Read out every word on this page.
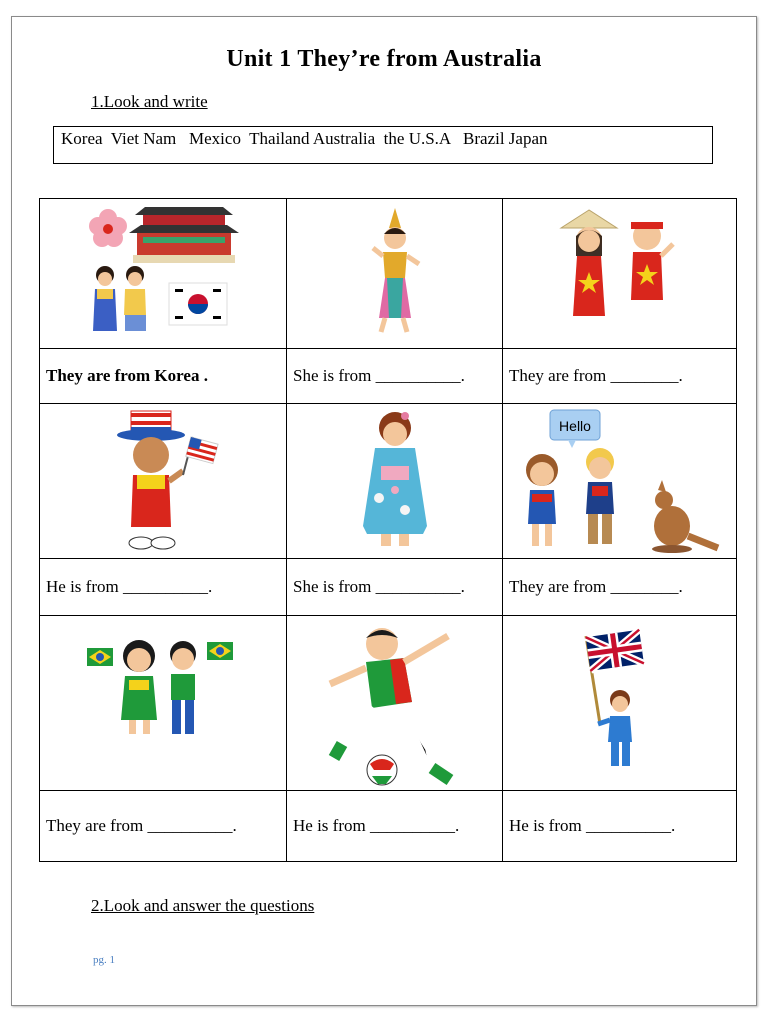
Unit 1 They’re from Australia
1.Look and write
Korea  Viet Nam   Mexico  Thailand Australia  the U.S.A   Brazil Japan

They are from Korea .	She is from __________.	They are from ________.

Hello

He is from __________.	She is from __________.	They are from ________.

They are from __________.	He is from __________.	He is from __________.
2.Look and answer the questions
pg. 1
